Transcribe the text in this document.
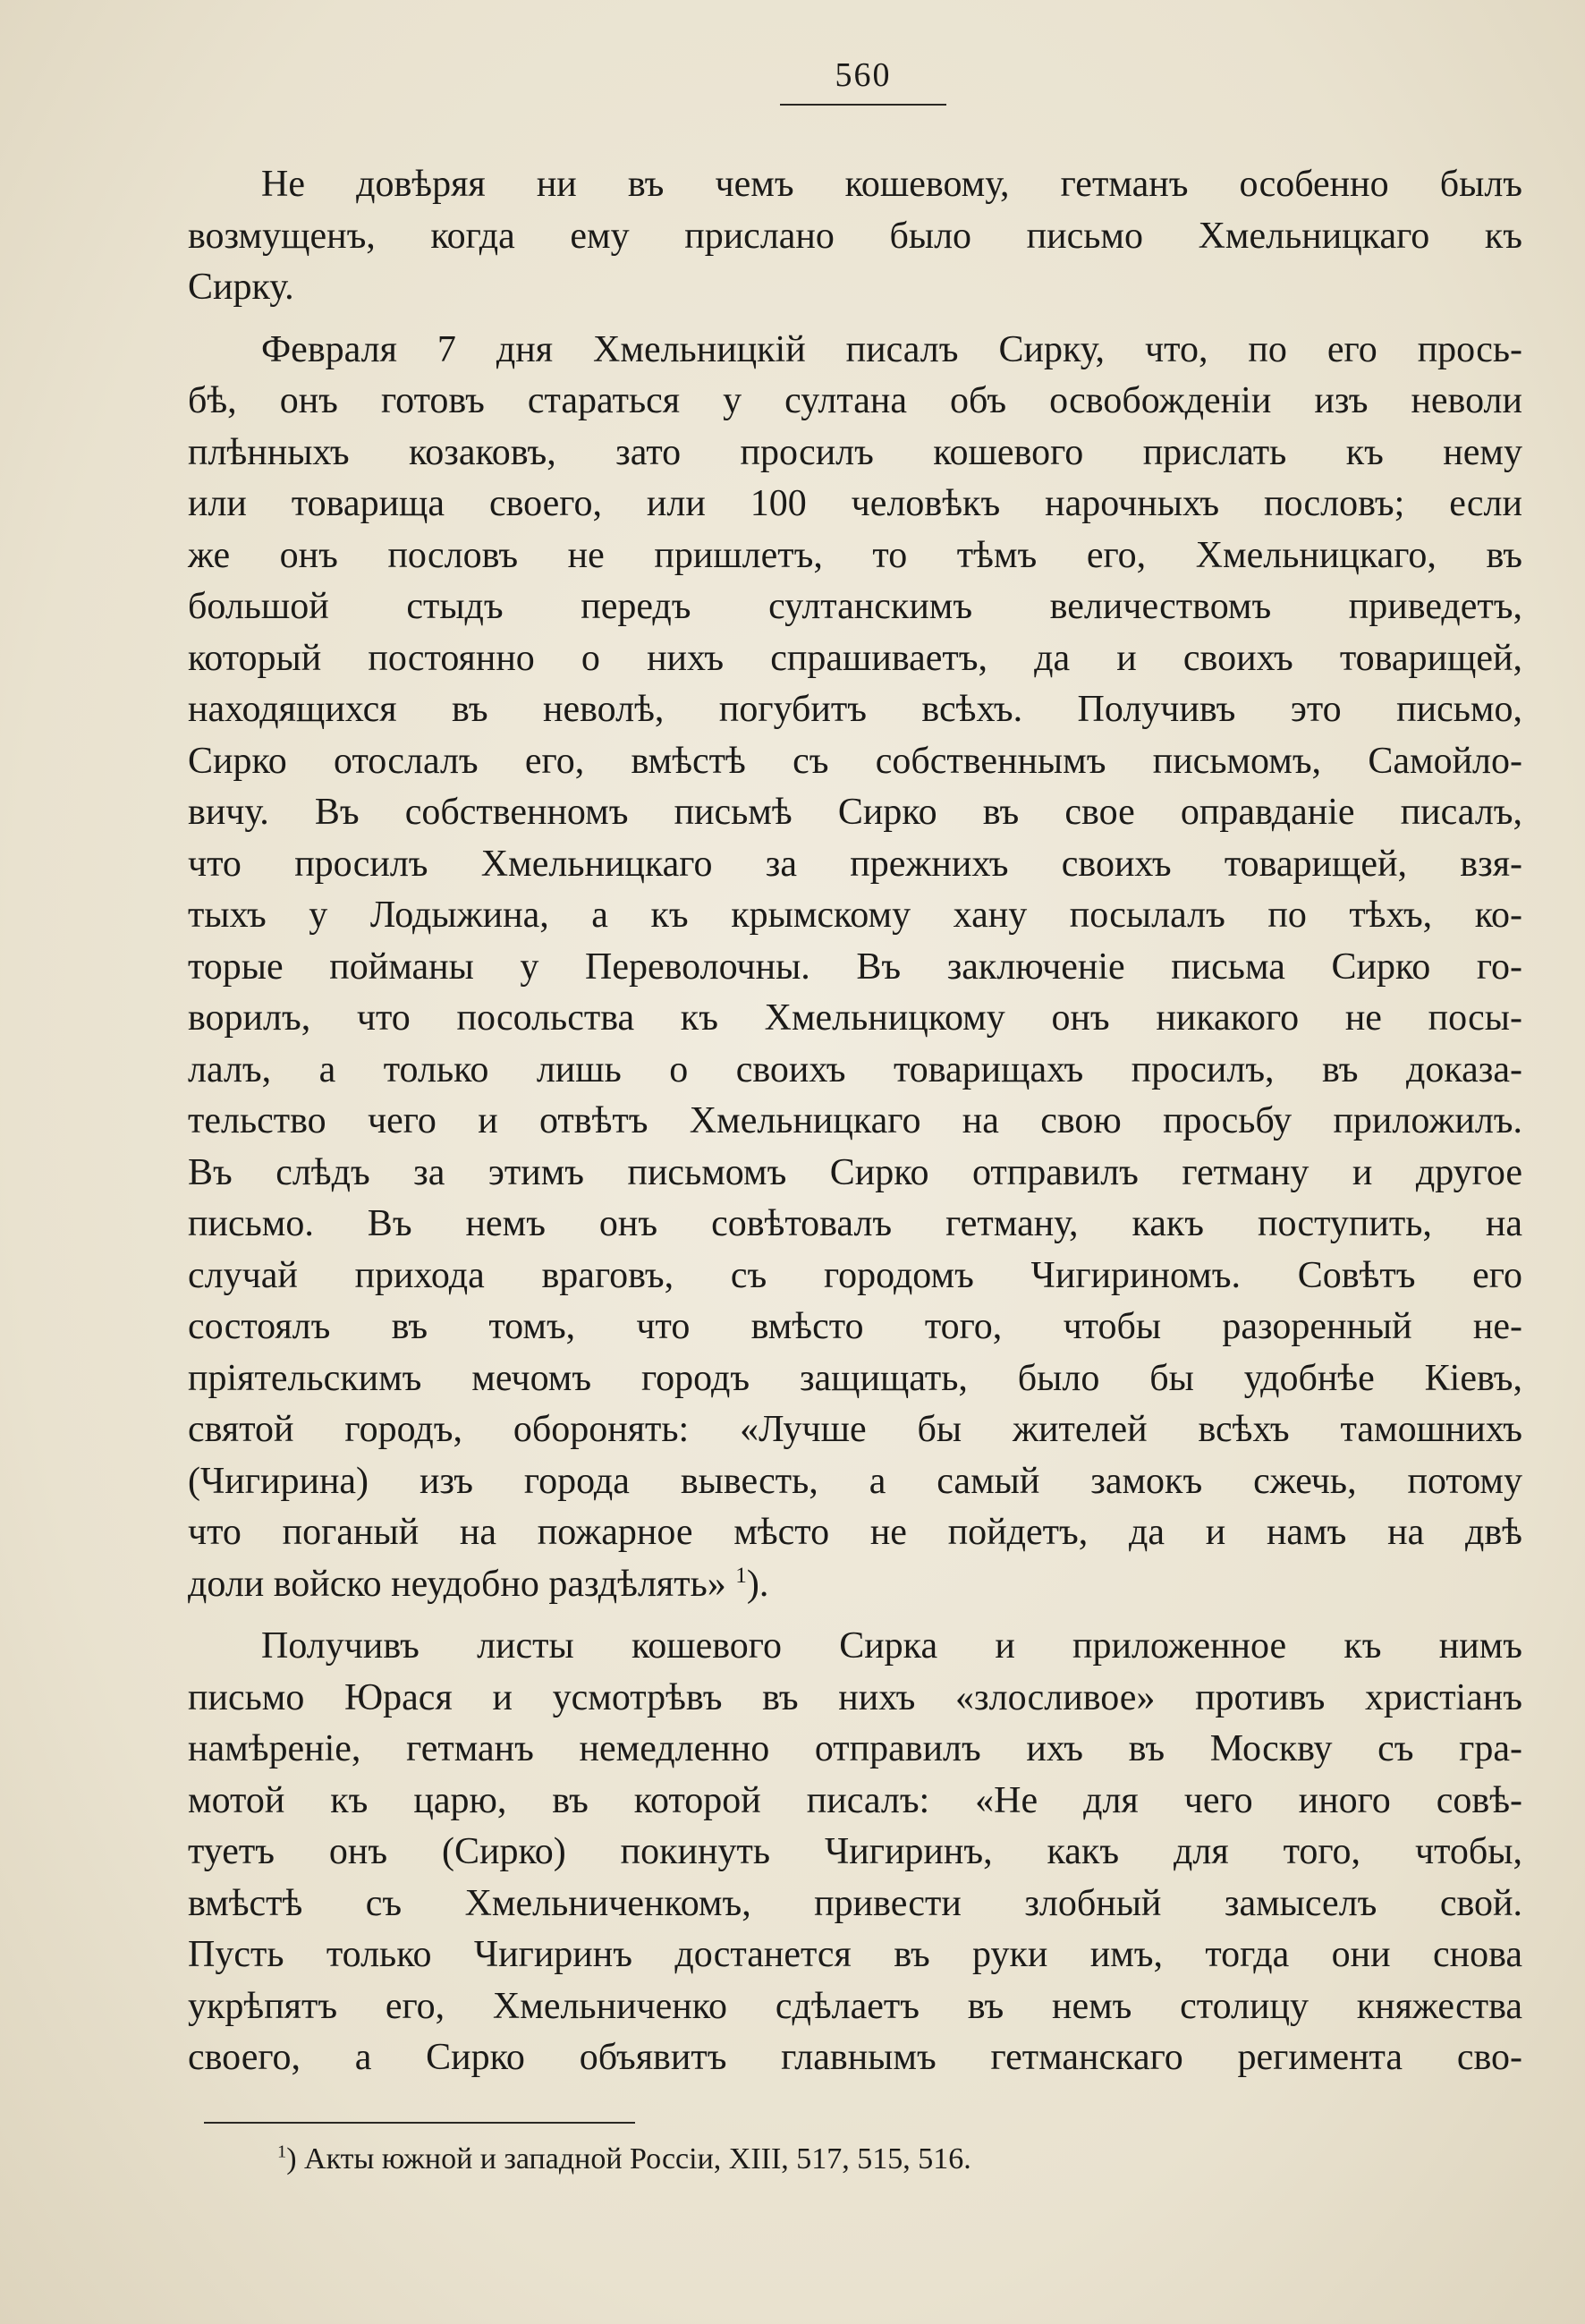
560
Не довѣряя ни въ чемъ кошевому, гетманъ особенно былъ
возмущенъ, когда ему прислано было письмо Хмельницкаго къ
Сирку.
Февраля 7 дня Хмельницкій писалъ Сирку, что, по его прось-
бѣ, онъ готовъ стараться у султана объ освобожденіи изъ неволи
плѣнныхъ козаковъ, зато просилъ кошевого прислать къ нему
или товарища своего, или 100 человѣкъ нарочныхъ пословъ; если
же онъ пословъ не пришлетъ, то тѣмъ его, Хмельницкаго, въ
большой стыдъ передъ султанскимъ величествомъ приведетъ,
который постоянно о нихъ спрашиваетъ, да и своихъ товарищей,
находящихся въ неволѣ, погубитъ всѣхъ. Получивъ это письмо,
Сирко отослалъ его, вмѣстѣ съ собственнымъ письмомъ, Самойло-
вичу. Въ собственномъ письмѣ Сирко въ свое оправданіе писалъ,
что просилъ Хмельницкаго за прежнихъ своихъ товарищей, взя-
тыхъ у Лодыжина, а къ крымскому хану посылалъ по тѣхъ, ко-
торые пойманы у Переволочны. Въ заключеніе письма Сирко го-
ворилъ, что посольства къ Хмельницкому онъ никакого не посы-
лалъ, а только лишь о своихъ товарищахъ просилъ, въ доказа-
тельство чего и отвѣтъ Хмельницкаго на свою просьбу приложилъ.
Въ слѣдъ за этимъ письмомъ Сирко отправилъ гетману и другое
письмо. Въ немъ онъ совѣтовалъ гетману, какъ поступить, на
случай прихода враговъ, съ городомъ Чигириномъ. Совѣтъ его
состоялъ въ томъ, что вмѣсто того, чтобы разоренный не-
пріятельскимъ мечомъ городъ защищать, было бы удобнѣе Кіевъ,
святой городъ, оборонять: «Лучше бы жителей всѣхъ тамошнихъ
(Чигирина) изъ города вывесть, а самый замокъ сжечь, потому
что поганый на пожарное мѣсто не пойдетъ, да и намъ на двѣ
доли войско неудобно раздѣлять» $^1$).
Получивъ листы кошевого Сирка и приложенное къ нимъ
письмо Юрася и усмотрѣвъ въ нихъ «злосливое» противъ христіанъ
намѣреніе, гетманъ немедленно отправилъ ихъ въ Москву съ гра-
мотой къ царю, въ которой писалъ: «Не для чего иного совѣ-
туетъ онъ (Сирко) покинуть Чигиринъ, какъ для того, чтобы,
вмѣстѣ съ Хмельниченкомъ, привести злобный замыселъ свой.
Пусть только Чигиринъ достанется въ руки имъ, тогда они снова
укрѣпятъ его, Хмельниченко сдѣлаетъ въ немъ столицу княжества
своего, а Сирко объявитъ главнымъ гетманскаго регимента сво-
$^1$) Акты южной и западной Россіи, XIII, 517, 515, 516.
